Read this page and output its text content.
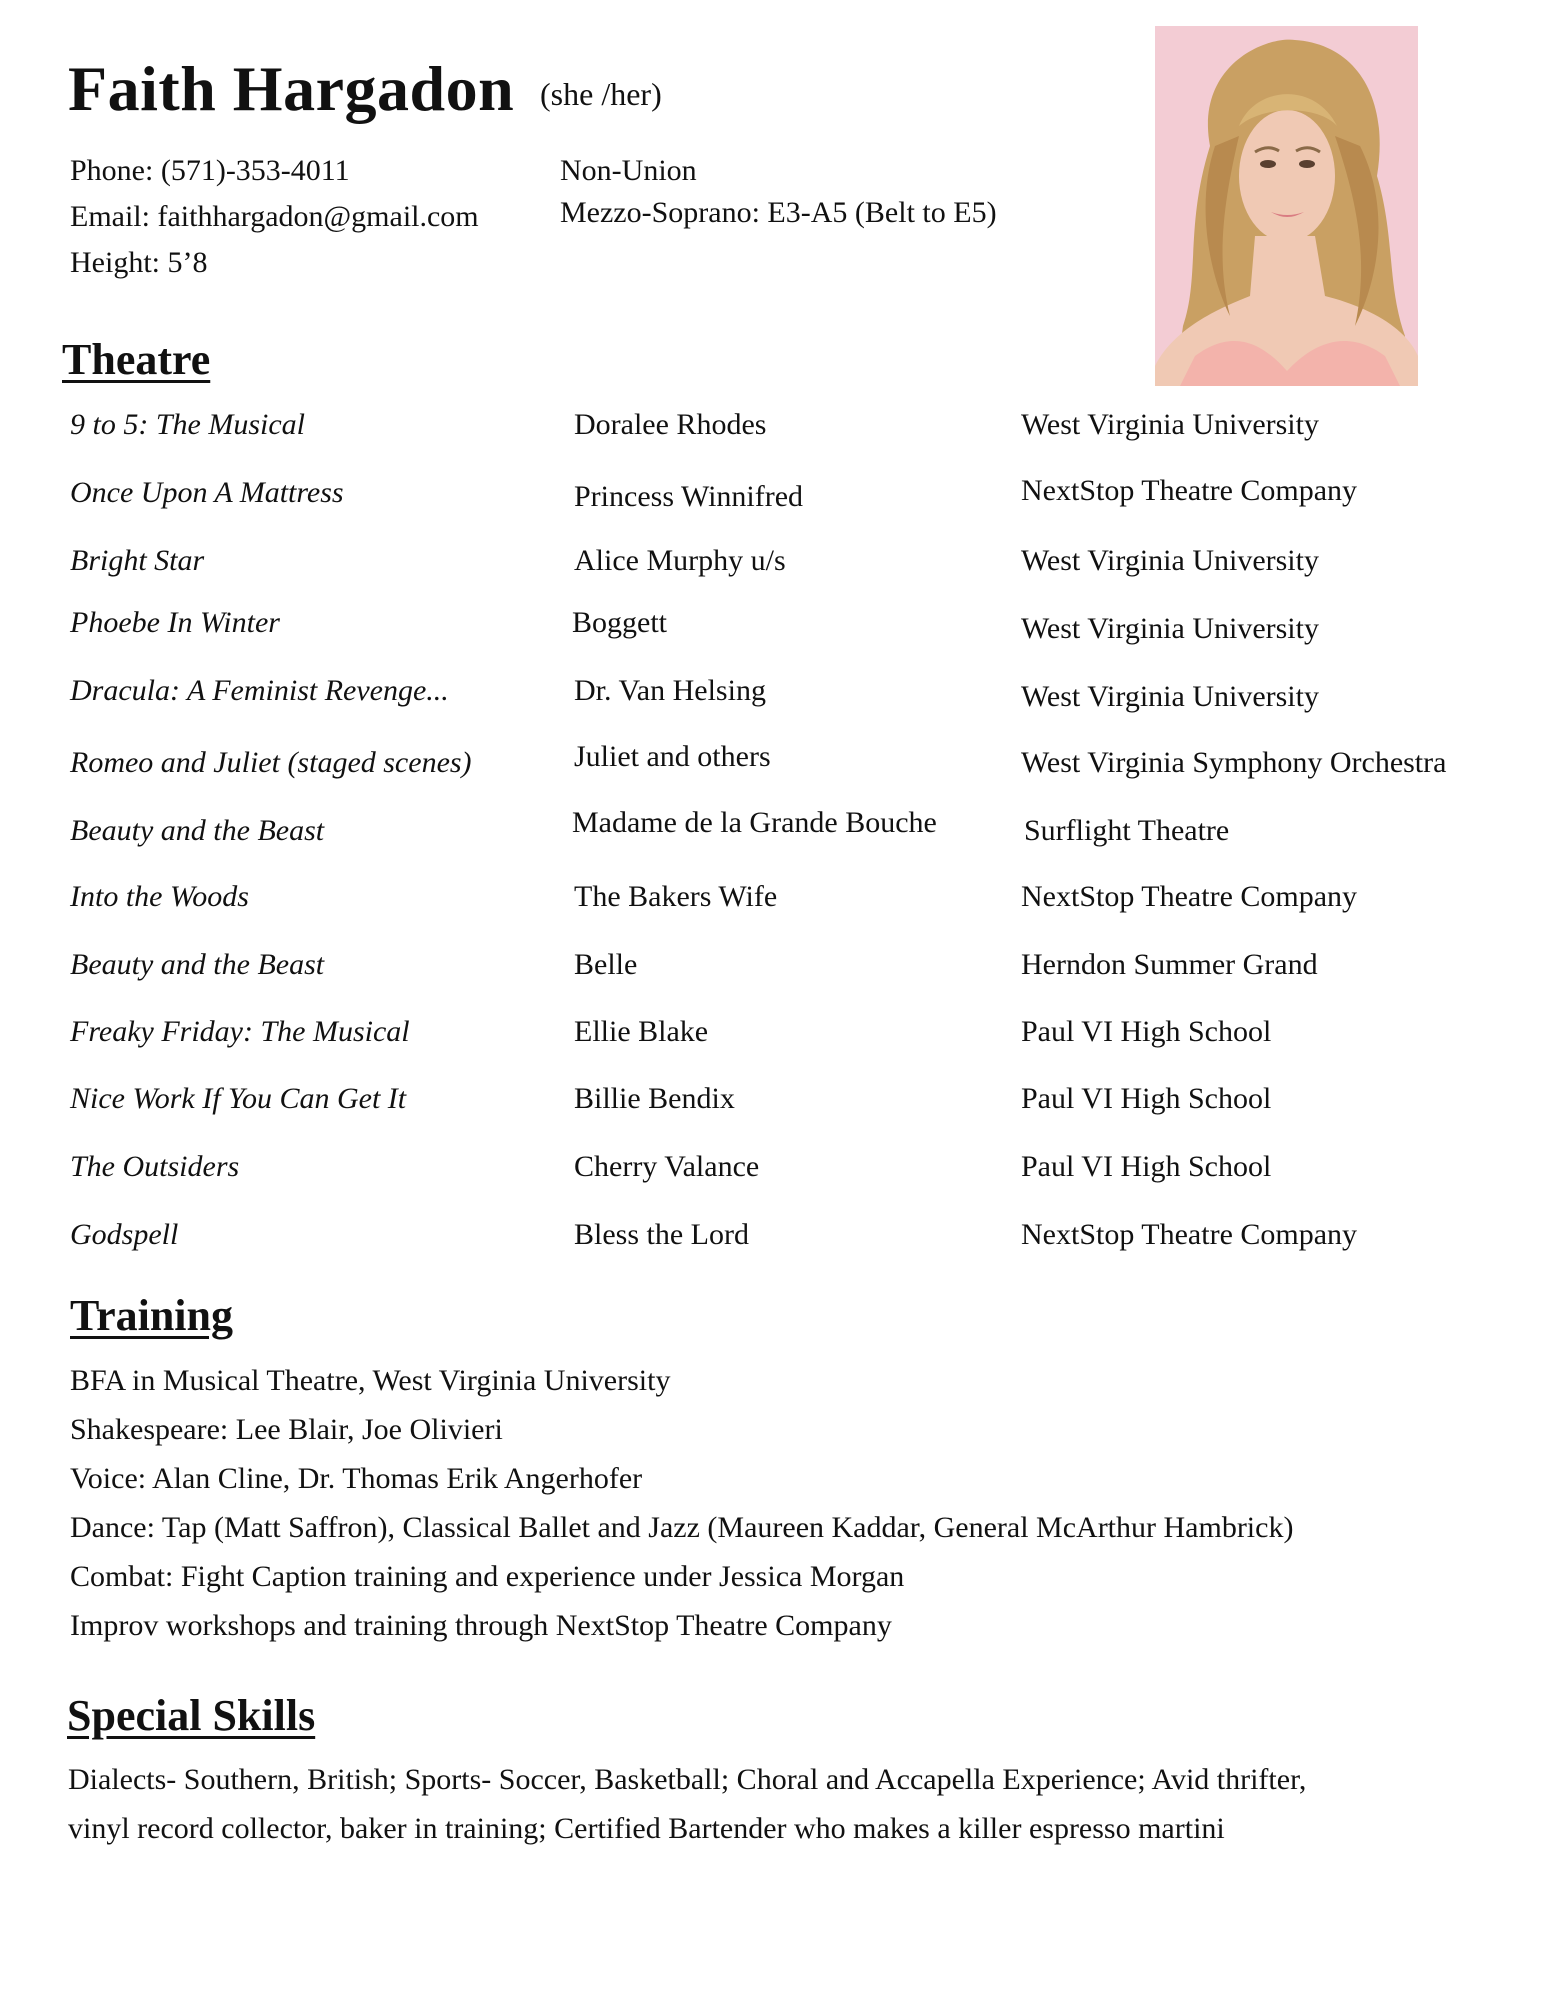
Faith Hargadon (she /her)
Phone: (571)-353-4011
Email: faithhargadon@gmail.com
Height: 5’8
Non-Union
Mezzo-Soprano: E3-A5 (Belt to E5)
Theatre
9 to 5: The Musical	Doralee Rhodes	West Virginia University
Once Upon A Mattress	Princess Winnifred	NextStop Theatre Company
Bright Star	Alice Murphy u/s	West Virginia University
Phoebe In Winter	Boggett	West Virginia University
Dracula: A Feminist Revenge...	Dr. Van Helsing	West Virginia University
Romeo and Juliet (staged scenes)	Juliet and others	West Virginia Symphony Orchestra
Beauty and the Beast	Madame de la Grande Bouche	Surflight Theatre
Into the Woods	The Bakers Wife	NextStop Theatre Company
Beauty and the Beast	Belle	Herndon Summer Grand
Freaky Friday: The Musical	Ellie Blake	Paul VI High School
Nice Work If You Can Get It	Billie Bendix	Paul VI High School
The Outsiders	Cherry Valance	Paul VI High School
Godspell	Bless the Lord	NextStop Theatre Company
Training
BFA in Musical Theatre, West Virginia University
Shakespeare: Lee Blair, Joe Olivieri
Voice: Alan Cline, Dr. Thomas Erik Angerhofer
Dance: Tap (Matt Saffron), Classical Ballet and Jazz (Maureen Kaddar, General McArthur Hambrick)
Combat: Fight Caption training and experience under Jessica Morgan
Improv workshops and training through NextStop Theatre Company
Special Skills
Dialects- Southern, British; Sports- Soccer, Basketball; Choral and Accapella Experience; Avid thrifter,
vinyl record collector, baker in training; Certified Bartender who makes a killer espresso martini
